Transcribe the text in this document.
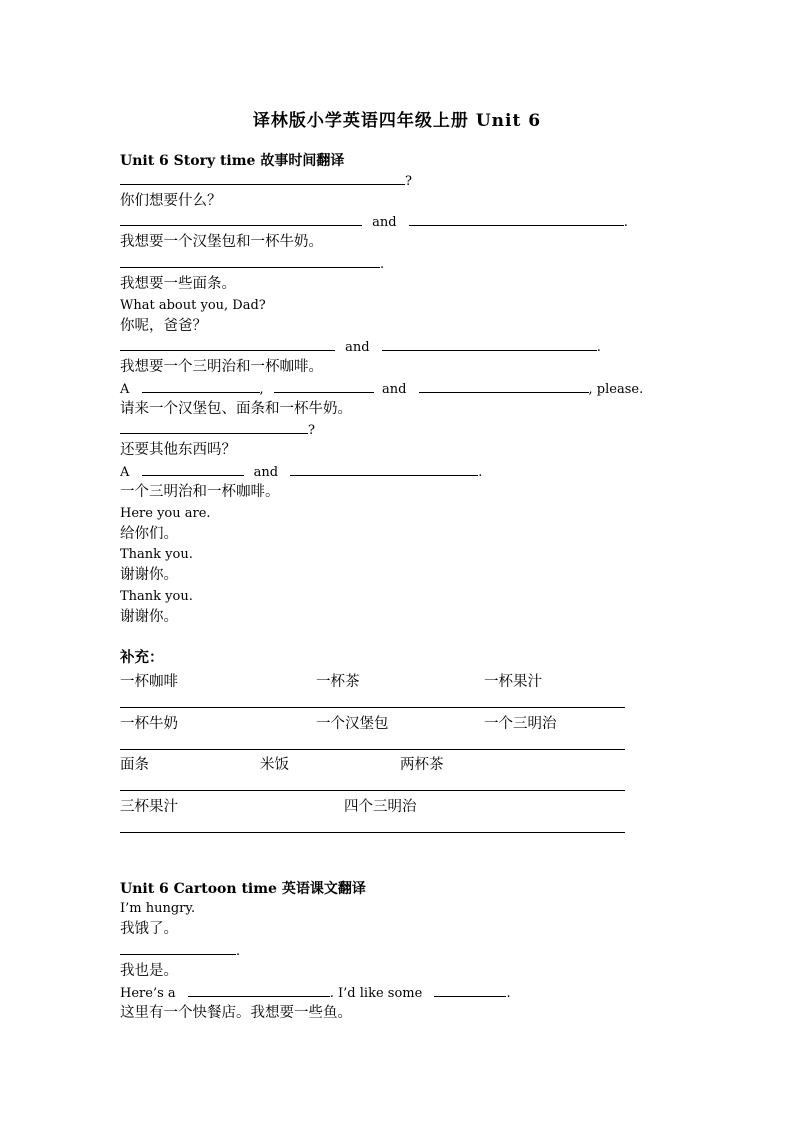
译林版小学英语四年级上册 Unit 6
Unit 6 Story time 故事时间翻译
?
你们想要什么？
and	.
我想要一个汉堡包和一杯牛奶。
.
我想要一些面条。
What about you, Dad?
你呢，爸爸？
and	.
我想要一个三明治和一杯咖啡。
A	,	and	, please.
请来一个汉堡包、面条和一杯牛奶。
?
还要其他东西吗？
A	and	.
一个三明治和一杯咖啡。
Here you are.
给你们。
Thank you.
谢谢你。
Thank you.
谢谢你。
补充：
一杯咖啡	一杯茶	一杯果汁
一杯牛奶	一个汉堡包	一个三明治
面条	米饭	两杯茶
三杯果汁	四个三明治
Unit 6 Cartoon time 英语课文翻译
I’m hungry.
我饿了。
.
我也是。
Here’s a	. I’d like some	.
这里有一个快餐店。我想要一些鱼。
